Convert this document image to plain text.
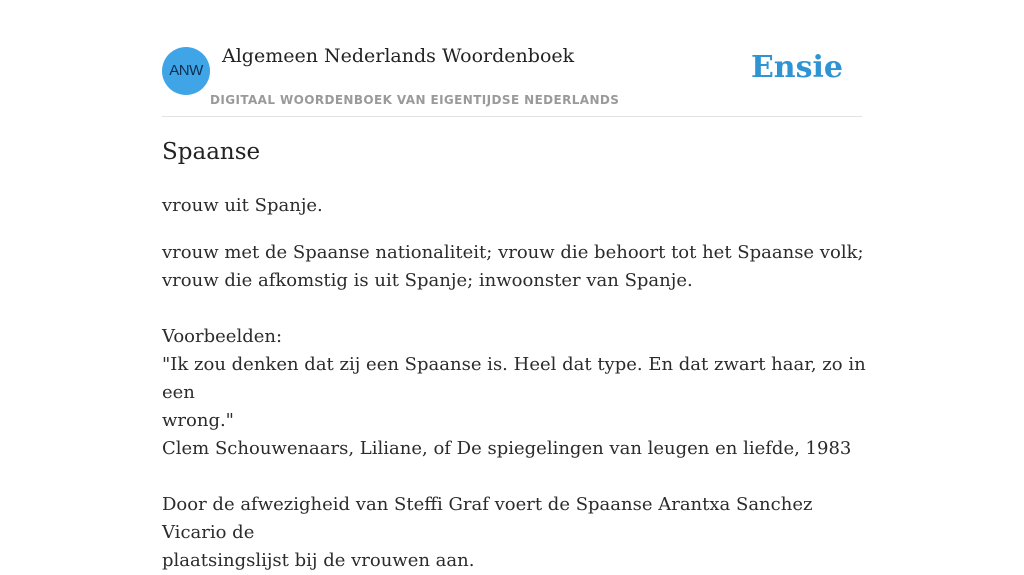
ANW
Algemeen Nederlands Woordenboek
DIGITAAL WOORDENBOEK VAN EIGENTIJDSE NEDERLANDS
Ensie
Spaanse
vrouw uit Spanje.

vrouw met de Spaanse nationaliteit; vrouw die behoort tot het Spaanse volk;

vrouw die afkomstig is uit Spanje; inwoonster van Spanje.

Voorbeelden:

"Ik zou denken dat zij een Spaanse is. Heel dat type. En dat zwart haar, zo in een

wrong."

Clem Schouwenaars, Liliane, of De spiegelingen van leugen en liefde, 1983

Door de afwezigheid van Steffi Graf voert de Spaanse Arantxa Sanchez Vicario de

plaatsingslijst bij de vrouwen aan.
